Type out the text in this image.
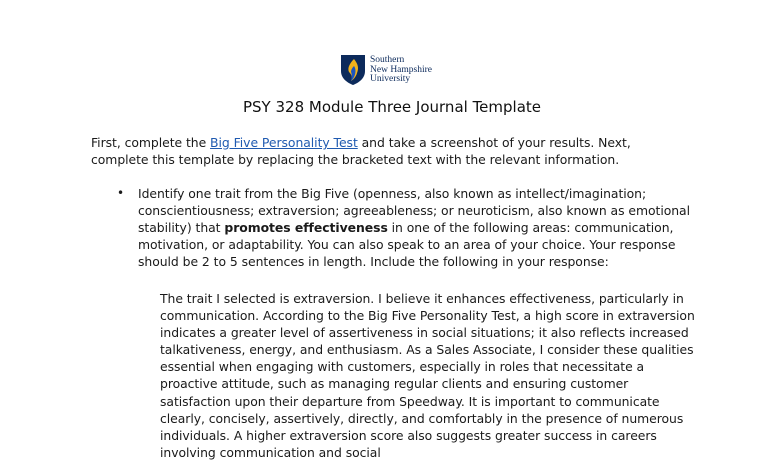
Southern
New Hampshire
University
PSY 328 Module Three Journal Template

First, complete the Big Five Personality Test and take a screenshot of your results. Next, complete this template by replacing the bracketed text with the relevant information.

• Identify one trait from the Big Five (openness, also known as intellect/imagination; conscientiousness; extraversion; agreeableness; or neuroticism, also known as emotional stability) that promotes effectiveness in one of the following areas: communication, motivation, or adaptability. You can also speak to an area of your choice. Your response should be 2 to 5 sentences in length. Include the following in your response:

The trait I selected is extraversion. I believe it enhances effectiveness, particularly in communication. According to the Big Five Personality Test, a high score in extraversion indicates a greater level of assertiveness in social situations; it also reflects increased talkativeness, energy, and enthusiasm. As a Sales Associate, I consider these qualities essential when engaging with customers, especially in roles that necessitate a proactive attitude, such as managing regular clients and ensuring customer satisfaction upon their departure from Speedway. It is important to communicate clearly, concisely, assertively, directly, and comfortably in the presence of numerous individuals. A higher extraversion score also suggests greater success in careers involving communication and social
